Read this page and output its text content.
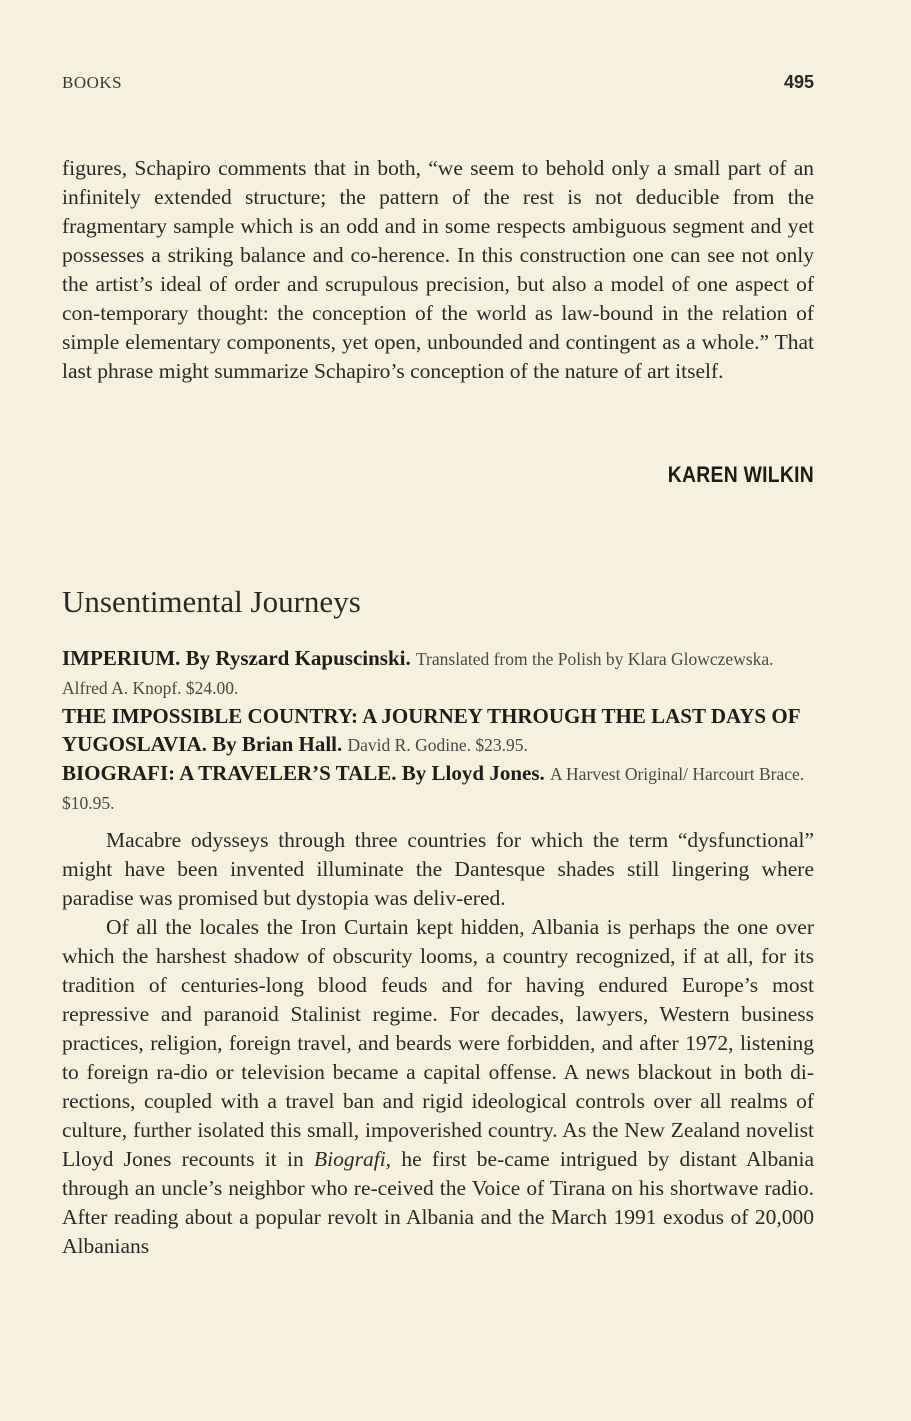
BOOKS	495

figures, Schapiro comments that in both, “we seem to behold only a small part of an infinitely extended structure; the pattern of the rest is not deducible from the fragmentary sample which is an odd and in some respects ambiguous segment and yet possesses a striking balance and co-herence. In this construction one can see not only the artist’s ideal of order and scrupulous precision, but also a model of one aspect of con-temporary thought: the conception of the world as law-bound in the relation of simple elementary components, yet open, unbounded and contingent as a whole.” That last phrase might summarize Schapiro’s conception of the nature of art itself.

KAREN WILKIN
Unsentimental Journeys

IMPERIUM. By Ryszard Kapuscinski. Translated from the Polish by Klara Glowczewska. Alfred A. Knopf. $24.00.

THE IMPOSSIBLE COUNTRY: A JOURNEY THROUGH THE LAST DAYS OF YUGOSLAVIA. By Brian Hall. David R. Godine. $23.95.

BIOGRAFI: A TRAVELER’S TALE. By Lloyd Jones. A Harvest Original/ Harcourt Brace. $10.95.

Macabre odysseys through three countries for which the term “dysfunctional” might have been invented illuminate the Dantesque shades still lingering where paradise was promised but dystopia was deliv-ered.

Of all the locales the Iron Curtain kept hidden, Albania is perhaps the one over which the harshest shadow of obscurity looms, a country recognized, if at all, for its tradition of centuries-long blood feuds and for having endured Europe’s most repressive and paranoid Stalinist regime. For decades, lawyers, Western business practices, religion, foreign travel, and beards were forbidden, and after 1972, listening to foreign ra-dio or television became a capital offense. A news blackout in both di-rections, coupled with a travel ban and rigid ideological controls over all realms of culture, further isolated this small, impoverished country. As the New Zealand novelist Lloyd Jones recounts it in Biografi, he first be-came intrigued by distant Albania through an uncle’s neighbor who re-ceived the Voice of Tirana on his shortwave radio. After reading about a popular revolt in Albania and the March 1991 exodus of 20,000 Albanians
